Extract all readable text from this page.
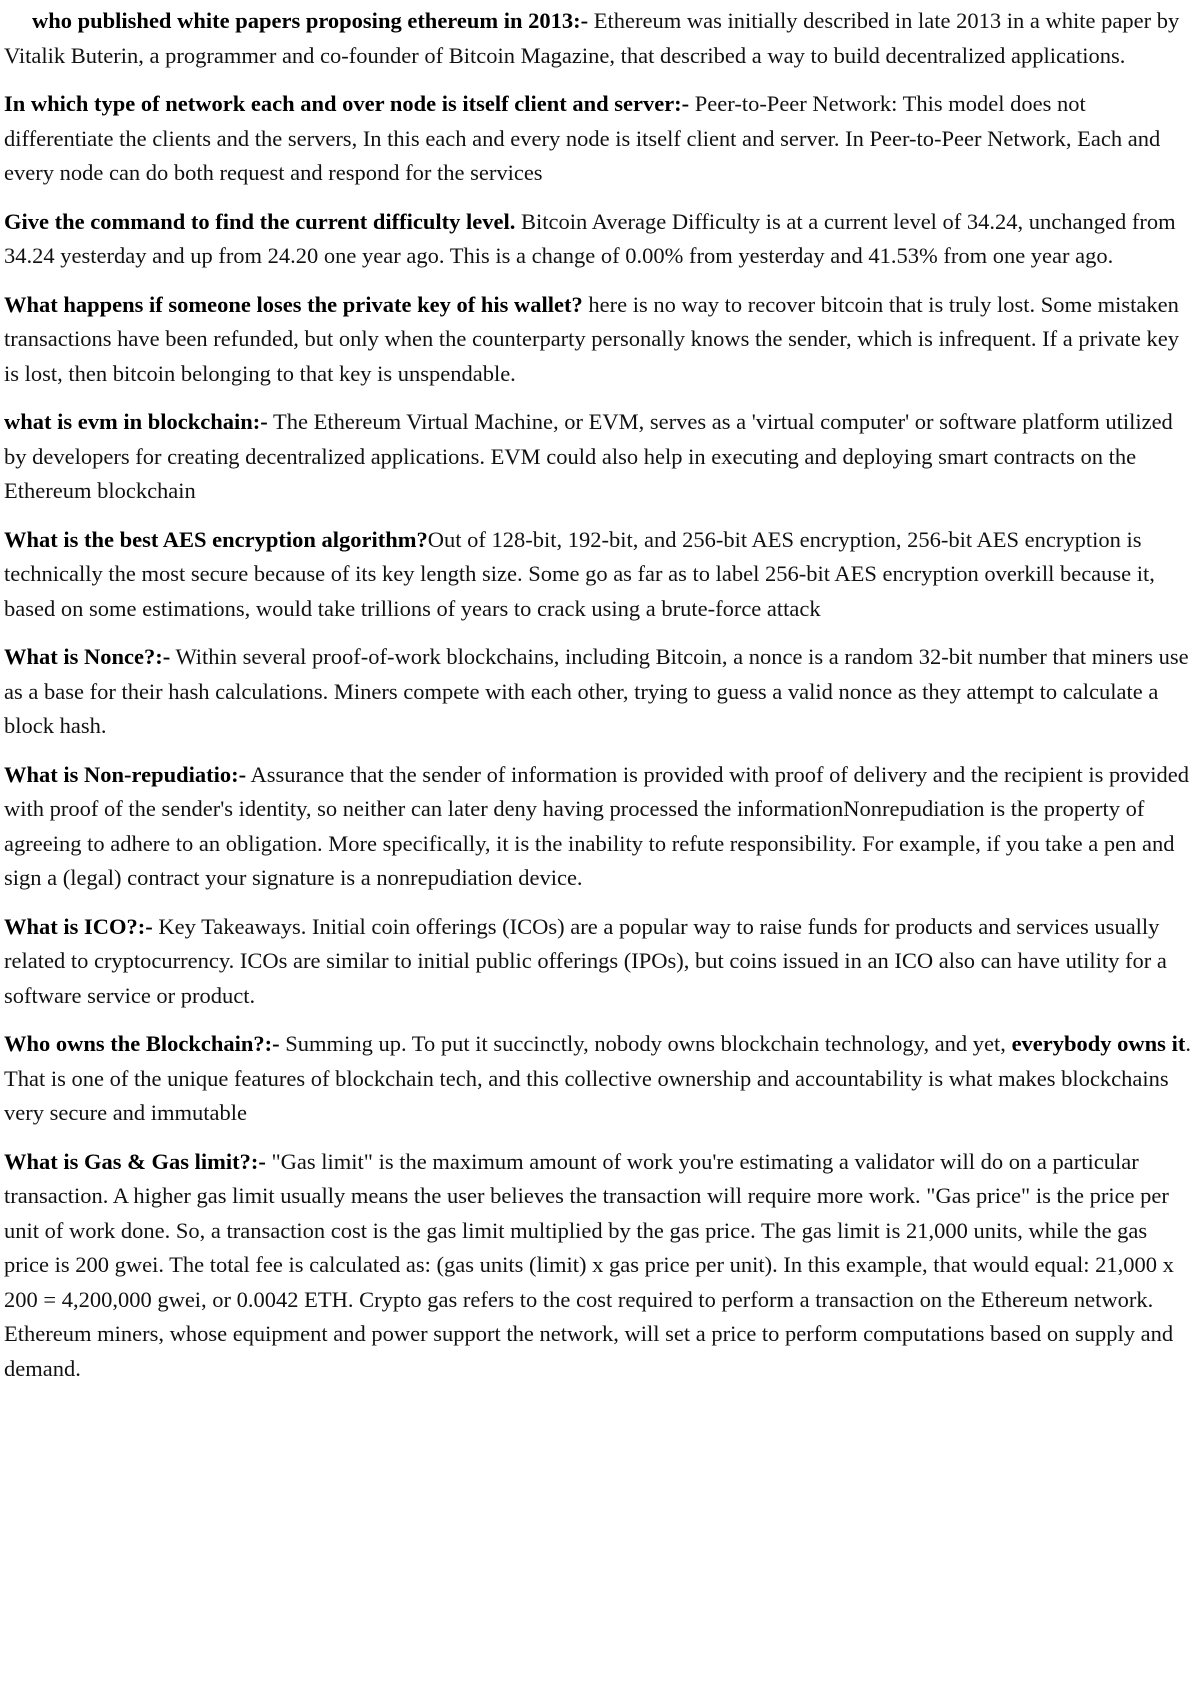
who published white papers proposing ethereum in 2013:- Ethereum was initially described in late 2013 in a white paper by Vitalik Buterin, a programmer and co-founder of Bitcoin Magazine, that described a way to build decentralized applications.

In which type of network each and over node is itself client and server:- Peer-to-Peer Network: This model does not differentiate the clients and the servers, In this each and every node is itself client and server. In Peer-to-Peer Network, Each and every node can do both request and respond for the services

Give the command to find the current difficulty level. Bitcoin Average Difficulty is at a current level of 34.24, unchanged from 34.24 yesterday and up from 24.20 one year ago. This is a change of 0.00% from yesterday and 41.53% from one year ago.

What happens if someone loses the private key of his wallet? here is no way to recover bitcoin that is truly lost. Some mistaken transactions have been refunded, but only when the counterparty personally knows the sender, which is infrequent. If a private key is lost, then bitcoin belonging to that key is unspendable.

what is evm in blockchain:- The Ethereum Virtual Machine, or EVM, serves as a 'virtual computer' or software platform utilized by developers for creating decentralized applications. EVM could also help in executing and deploying smart contracts on the Ethereum blockchain

What is the best AES encryption algorithm?Out of 128-bit, 192-bit, and 256-bit AES encryption, 256-bit AES encryption is technically the most secure because of its key length size. Some go as far as to label 256-bit AES encryption overkill because it, based on some estimations, would take trillions of years to crack using a brute-force attack

What is Nonce?:- Within several proof-of-work blockchains, including Bitcoin, a nonce is a random 32-bit number that miners use as a base for their hash calculations. Miners compete with each other, trying to guess a valid nonce as they attempt to calculate a block hash.

What is Non-repudiatio:- Assurance that the sender of information is provided with proof of delivery and the recipient is provided with proof of the sender's identity, so neither can later deny having processed the informationNonrepudiation is the property of agreeing to adhere to an obligation. More specifically, it is the inability to refute responsibility. For example, if you take a pen and sign a (legal) contract your signature is a nonrepudiation device.

What is ICO?:- Key Takeaways. Initial coin offerings (ICOs) are a popular way to raise funds for products and services usually related to cryptocurrency. ICOs are similar to initial public offerings (IPOs), but coins issued in an ICO also can have utility for a software service or product.

Who owns the Blockchain?:- Summing up. To put it succinctly, nobody owns blockchain technology, and yet, everybody owns it. That is one of the unique features of blockchain tech, and this collective ownership and accountability is what makes blockchains very secure and immutable

What is Gas & Gas limit?:- "Gas limit" is the maximum amount of work you're estimating a validator will do on a particular transaction. A higher gas limit usually means the user believes the transaction will require more work. "Gas price" is the price per unit of work done. So, a transaction cost is the gas limit multiplied by the gas price. The gas limit is 21,000 units, while the gas price is 200 gwei. The total fee is calculated as: (gas units (limit) x gas price per unit). In this example, that would equal: 21,000 x 200 = 4,200,000 gwei, or 0.0042 ETH. Crypto gas refers to the cost required to perform a transaction on the Ethereum network. Ethereum miners, whose equipment and power support the network, will set a price to perform computations based on supply and demand.
